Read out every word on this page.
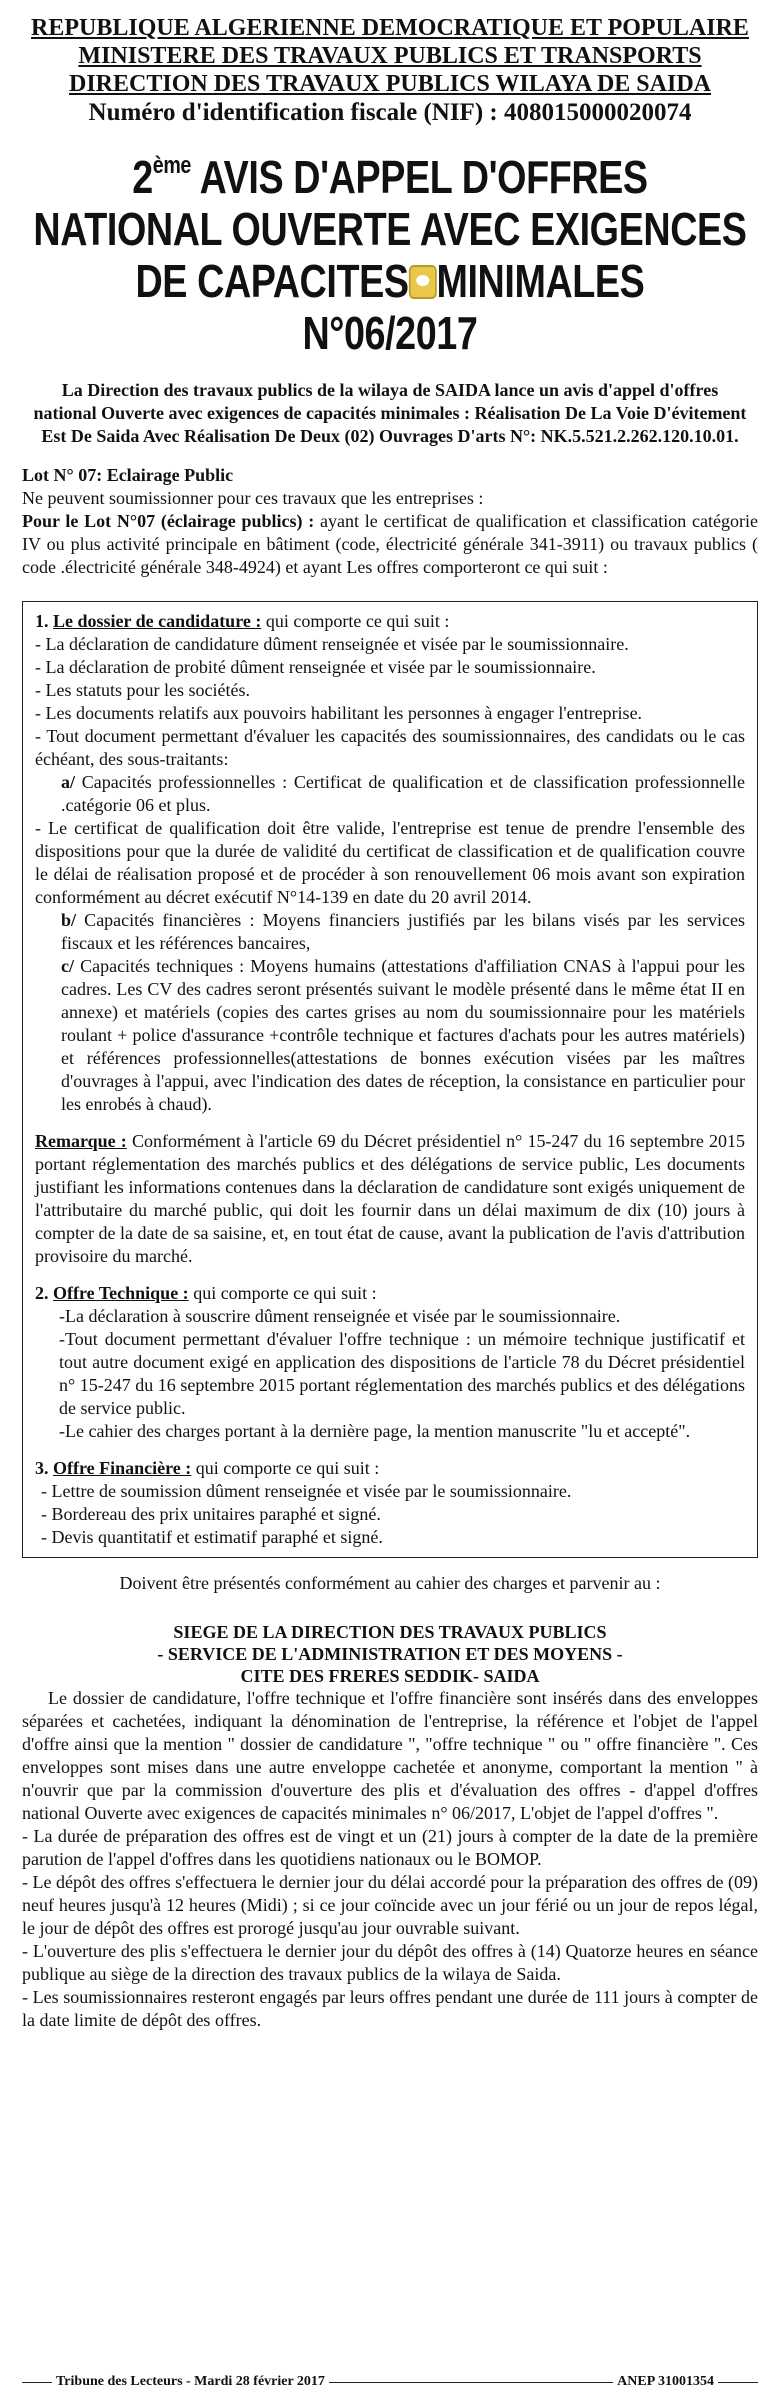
REPUBLIQUE ALGERIENNE DEMOCRATIQUE ET POPULAIRE
MINISTERE DES TRAVAUX PUBLICS ET TRANSPORTS
DIRECTION DES TRAVAUX PUBLICS WILAYA DE SAIDA
Numéro d'identification fiscale (NIF) : 408015000020074
2ème AVIS D'APPEL D'OFFRES
NATIONAL OUVERTE AVEC EXIGENCES
DE CAPACITES MINIMALES
N°06/2017
La Direction des travaux publics de la wilaya de SAIDA lance un avis d'appel d'offres national Ouverte avec exigences de capacités minimales : Réalisation De La Voie D'évitement Est De Saida Avec Réalisation De Deux (02) Ouvrages D'arts N°: NK.5.521.2.262.120.10.01.
Lot N° 07: Eclairage Public
Ne peuvent soumissionner pour ces travaux que les entreprises :
Pour le Lot N°07 (éclairage publics) : ayant le certificat de qualification et classification catégorie IV ou plus activité principale en bâtiment (code, électricité générale 341-3911) ou travaux publics ( code .électricité générale 348-4924) et ayant Les offres comporteront ce qui suit :
1. Le dossier de candidature : qui comporte ce qui suit :
- La déclaration de candidature dûment renseignée et visée par le soumissionnaire.
- La déclaration de probité dûment renseignée et visée par le soumissionnaire.
- Les statuts pour les sociétés.
- Les documents relatifs aux pouvoirs habilitant les personnes à engager l'entreprise.
- Tout document permettant d'évaluer les capacités des soumissionnaires, des candidats ou le cas échéant, des sous-traitants:
a/ Capacités professionnelles : Certificat de qualification et de classification professionnelle .catégorie 06 et plus.
- Le certificat de qualification doit être valide, l'entreprise est tenue de prendre l'ensemble des dispositions pour que la durée de validité du certificat de classification et de qualification couvre le délai de réalisation proposé et de procéder à son renouvellement 06 mois avant son expiration conformément au décret exécutif N°14-139 en date du 20 avril 2014.
b/ Capacités financières : Moyens financiers justifiés par les bilans visés par les services fiscaux et les références bancaires,
c/ Capacités techniques : Moyens humains (attestations d'affiliation CNAS à l'appui pour les cadres. Les CV des cadres seront présentés suivant le modèle présenté dans le même état II en annexe) et matériels (copies des cartes grises au nom du soumissionnaire pour les matériels roulant + police d'assurance +contrôle technique et factures d'achats pour les autres matériels) et références professionnelles(attestations de bonnes exécution visées par les maîtres d'ouvrages à l'appui, avec l'indication des dates de réception, la consistance en particulier pour les enrobés à chaud).
Remarque : Conformément à l'article 69 du Décret présidentiel n° 15-247 du 16 septembre 2015 portant réglementation des marchés publics et des délégations de service public, Les documents justifiant les informations contenues dans la déclaration de candidature sont exigés uniquement de l'attributaire du marché public, qui doit les fournir dans un délai maximum de dix (10) jours à compter de la date de sa saisine, et, en tout état de cause, avant la publication de l'avis d'attribution provisoire du marché.
2. Offre Technique : qui comporte ce qui suit :
-La déclaration à souscrire dûment renseignée et visée par le soumissionnaire.
-Tout document permettant d'évaluer l'offre technique : un mémoire technique justificatif et tout autre document exigé en application des dispositions de l'article 78 du Décret présidentiel n° 15-247 du 16 septembre 2015 portant réglementation des marchés publics et des délégations de service public.
-Le cahier des charges portant à la dernière page, la mention manuscrite "lu et accepté".
3. Offre Financière : qui comporte ce qui suit :
- Lettre de soumission dûment renseignée et visée par le soumissionnaire.
- Bordereau des prix unitaires paraphé et signé.
- Devis quantitatif et estimatif paraphé et signé.
Doivent être présentés conformément au cahier des charges et parvenir au :
SIEGE DE LA DIRECTION DES TRAVAUX PUBLICS
- SERVICE DE L'ADMINISTRATION ET DES MOYENS -
CITE DES FRERES SEDDIK- SAIDA
Le dossier de candidature, l'offre technique et l'offre financière sont insérés dans des enveloppes séparées et cachetées, indiquant la dénomination de l'entreprise, la référence et l'objet de l'appel d'offre ainsi que la mention " dossier de candidature ", "offre technique " ou " offre financière ". Ces enveloppes sont mises dans une autre enveloppe cachetée et anonyme, comportant la mention " à n'ouvrir que par la commission d'ouverture des plis et d'évaluation des offres - d'appel d'offres national Ouverte avec exigences de capacités minimales n° 06/2017, L'objet de l'appel d'offres ".
- La durée de préparation des offres est de vingt et un (21) jours à compter de la date de la première parution de l'appel d'offres dans les quotidiens nationaux ou le BOMOP.
- Le dépôt des offres s'effectuera le dernier jour du délai accordé pour la préparation des offres de (09) neuf heures jusqu'à 12 heures (Midi) ; si ce jour coïncide avec un jour férié ou un jour de repos légal, le jour de dépôt des offres est prorogé jusqu'au jour ouvrable suivant.
- L'ouverture des plis s'effectuera le dernier jour du dépôt des offres à (14) Quatorze heures en séance publique au siège de la direction des travaux publics de la wilaya de Saida.
- Les soumissionnaires resteront engagés par leurs offres pendant une durée de 111 jours à compter de la date limite de dépôt des offres.
Tribune des Lecteurs - Mardi 28 février 2017	ANEP 31001354
